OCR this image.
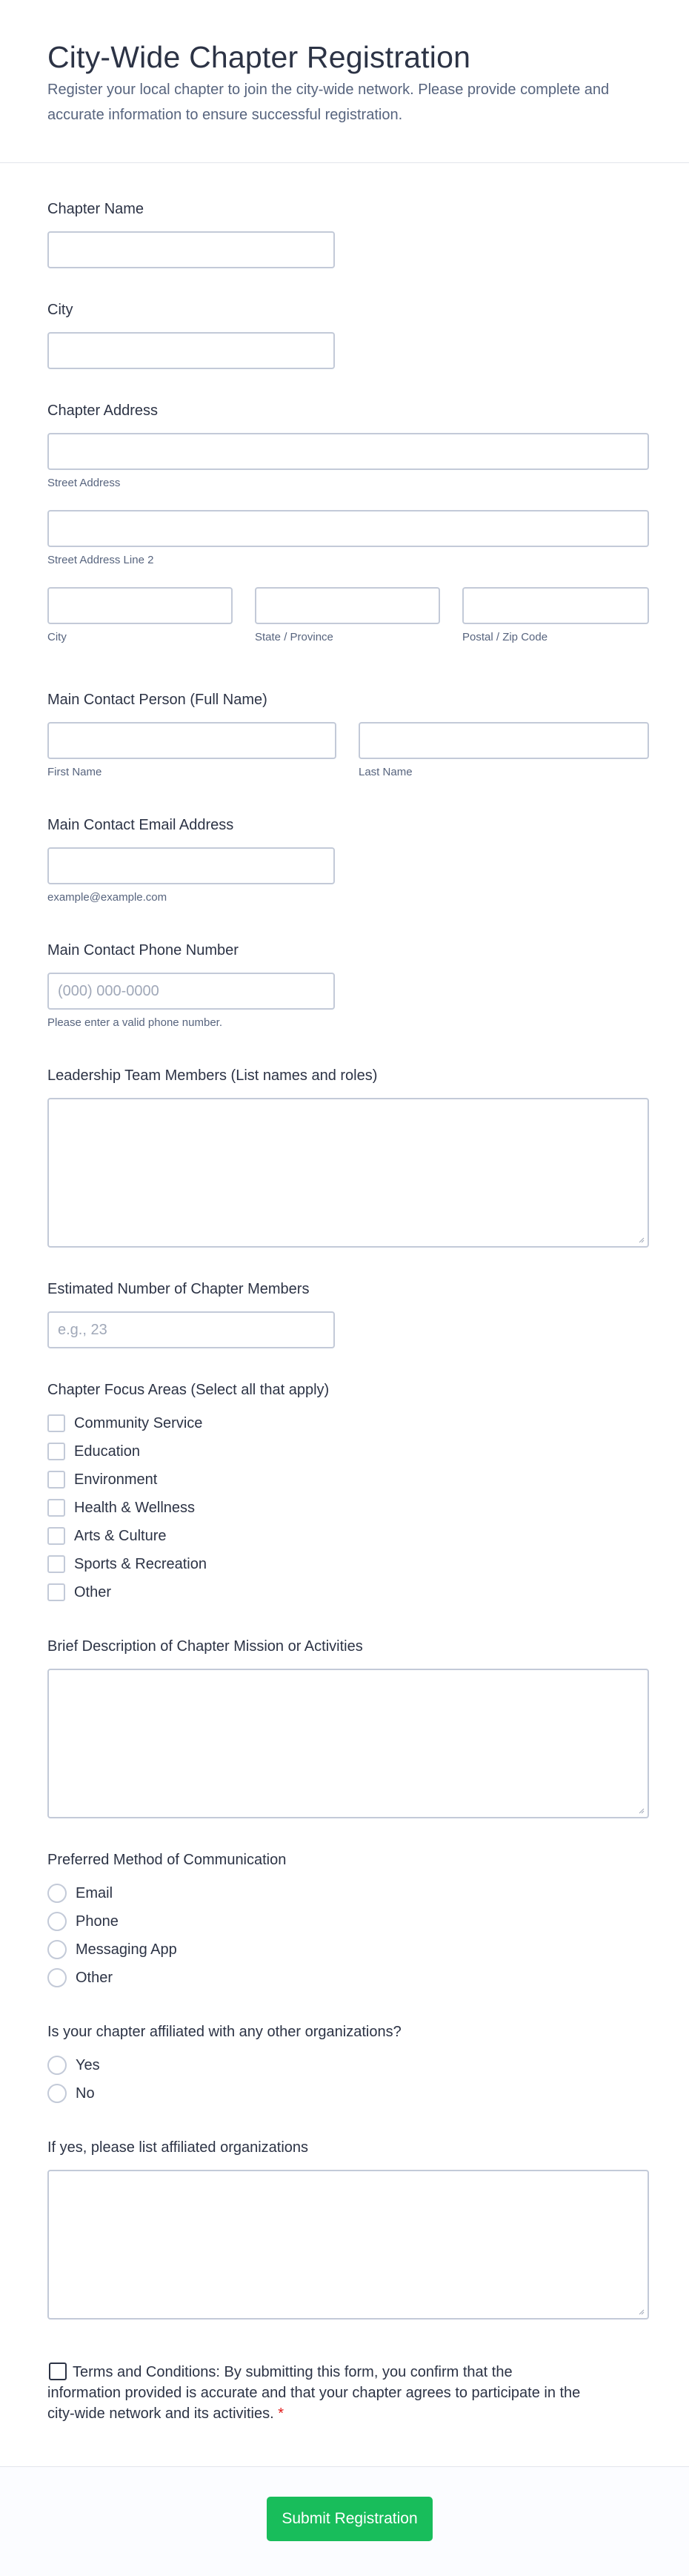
City-Wide Chapter Registration
Register your local chapter to join the city-wide network. Please provide complete and accurate information to ensure successful registration.
Chapter Name
City
Chapter Address
Street Address
Street Address Line 2
City	State / Province	Postal / Zip Code
Main Contact Person (Full Name)
First Name	Last Name
Main Contact Email Address
example@example.com
Main Contact Phone Number
(000) 000-0000
Please enter a valid phone number.
Leadership Team Members (List names and roles)
Estimated Number of Chapter Members
e.g., 23
Chapter Focus Areas (Select all that apply)
Community Service
Education
Environment
Health & Wellness
Arts & Culture
Sports & Recreation
Other
Brief Description of Chapter Mission or Activities
Preferred Method of Communication
Email
Phone
Messaging App
Other
Is your chapter affiliated with any other organizations?
Yes
No
If yes, please list affiliated organizations
Terms and Conditions: By submitting this form, you confirm that the information provided is accurate and that your chapter agrees to participate in the city-wide network and its activities. *
Submit Registration
